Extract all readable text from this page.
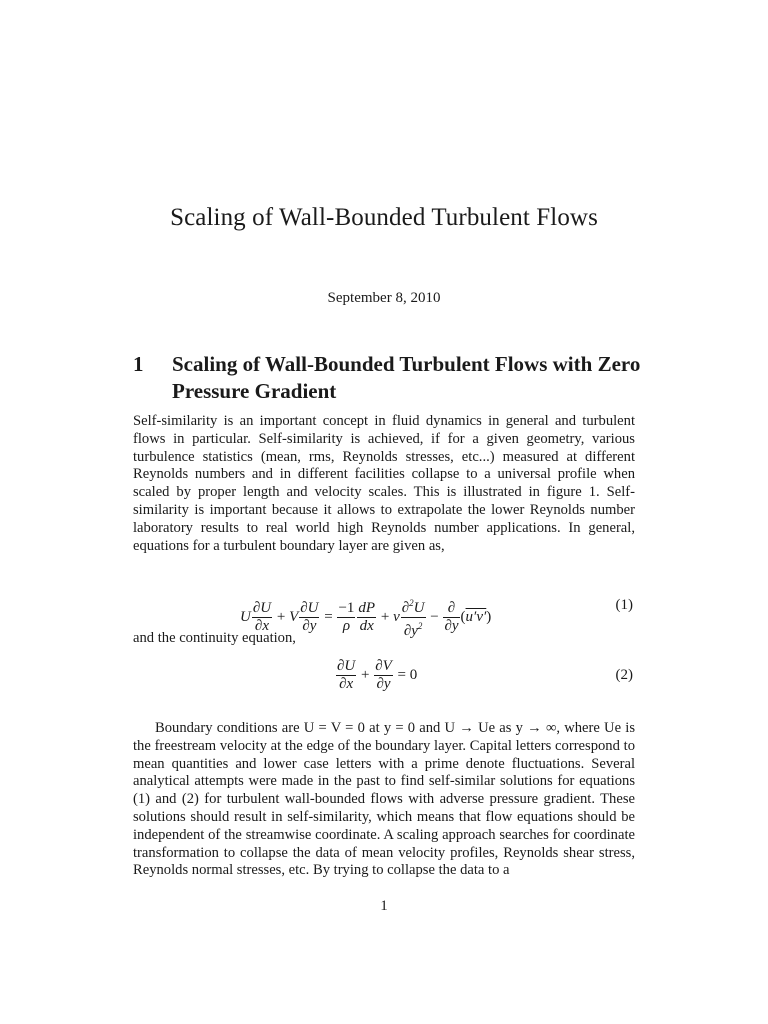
Scaling of Wall-Bounded Turbulent Flows
September 8, 2010
1 Scaling of Wall-Bounded Turbulent Flows with Zero Pressure Gradient
Self-similarity is an important concept in fluid dynamics in general and turbulent flows in particular. Self-similarity is achieved, if for a given geometry, various turbulence statistics (mean, rms, Reynolds stresses, etc...) measured at different Reynolds numbers and in different facilities collapse to a universal profile when scaled by proper length and velocity scales. This is illustrated in figure 1. Self-similarity is important because it allows to extrapolate the lower Reynolds number laboratory results to real world high Reynolds number applications. In general, equations for a turbulent boundary layer are given as,
U $\frac{\partial U}{\partial x} + V \frac{\partial U}{\partial y} = \frac{-1}{\rho} \frac{dP}{dx} + \nu \frac{\partial^2U}{\partial y^2} - \frac{\partial}{\partial y} (u'v')$
(1)
and the continuity equation,
$\frac{\partial U}{\partial x} + \frac{\partial V}{\partial y} = 0$	(2)
Boundary conditions are U = V = 0 at y = 0 and U → Ue as y → ∞, where Ue is the freestream velocity at the edge of the boundary layer. Capital letters correspond to mean quantities and lower case letters with a prime denote fluctuations. Several analytical attempts were made in the past to find self-similar solutions for equations (1) and (2) for turbulent wall-bounded flows with adverse pressure gradient. These solutions should result in self-similarity, which means that flow equations should be independent of the streamwise coordinate. A scaling approach searches for coordinate transformation to collapse the data of mean velocity profiles, Reynolds shear stress, Reynolds normal stresses, etc. By trying to collapse the data to a
1
